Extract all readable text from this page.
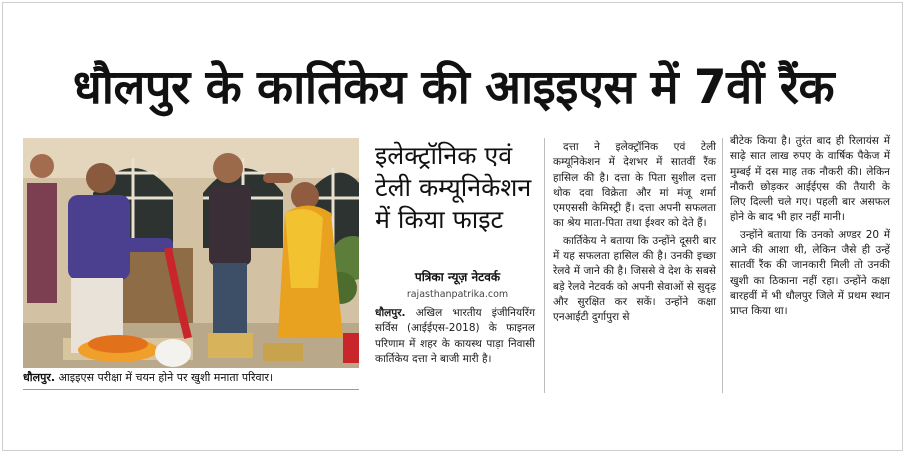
धौलपुर के कार्तिकेय की आइइएस में 7वीं रैंक
धौलपुर. आइइएस परीक्षा में चयन होने पर खुशी मनाता परिवार।
इलेक्ट्रॉनिक एवं टेली कम्यूनिकेशन में किया फाइट
पत्रिका न्यूज़ नेटवर्क
rajasthanpatrika.com

धौलपुर. अखिल भारतीय इंजीनियरिंग सर्विस (आईईएस-2018) के फाइनल परिणाम में शहर के कायस्थ पाड़ा निवासी कार्तिकेय दत्ता ने बाजी मारी है।

दत्ता ने इलेक्ट्रॉनिक एवं टेली कम्यूनिकेशन में देशभर में सातवीं रैंक हासिल की है। दत्ता के पिता सुशील दत्ता थोक दवा विक्रेता और मां मंजू शर्मा एमएससी केमिस्ट्री हैं। दत्ता अपनी सफलता का श्रेय माता-पिता तथा ईश्वर को देते हैं।

कार्तिकेय ने बताया कि उन्होंने दूसरी बार में यह सफलता हासिल की है। उनकी इच्छा रेलवे में जाने की है। जिससे वे देश के सबसे बड़े रेलवे नेटवर्क को अपनी सेवाओं से सुदृढ़ और सुरक्षित कर सकें। उन्होंने कक्षा एनआईटी दुर्गापुरा से

बीटेक किया है। तुरंत बाद ही रिलायंस में साढ़े सात लाख रुपए के वार्षिक पैकेज में मुम्बई में दस माह तक नौकरी की। लेकिन नौकरी छोड़कर आईईएस की तैयारी के लिए दिल्ली चले गए। पहली बार असफल होने के बाद भी हार नहीं मानी।

उन्होंने बताया कि उनको अण्डर 20 में आने की आशा थी, लेकिन जैसे ही उन्हें सातवीं रैंक की जानकारी मिली तो उनकी खुशी का ठिकाना नहीं रहा। उन्होंने कक्षा बारहवीं में भी धौलपुर जिले में प्रथम स्थान प्राप्त किया था।
